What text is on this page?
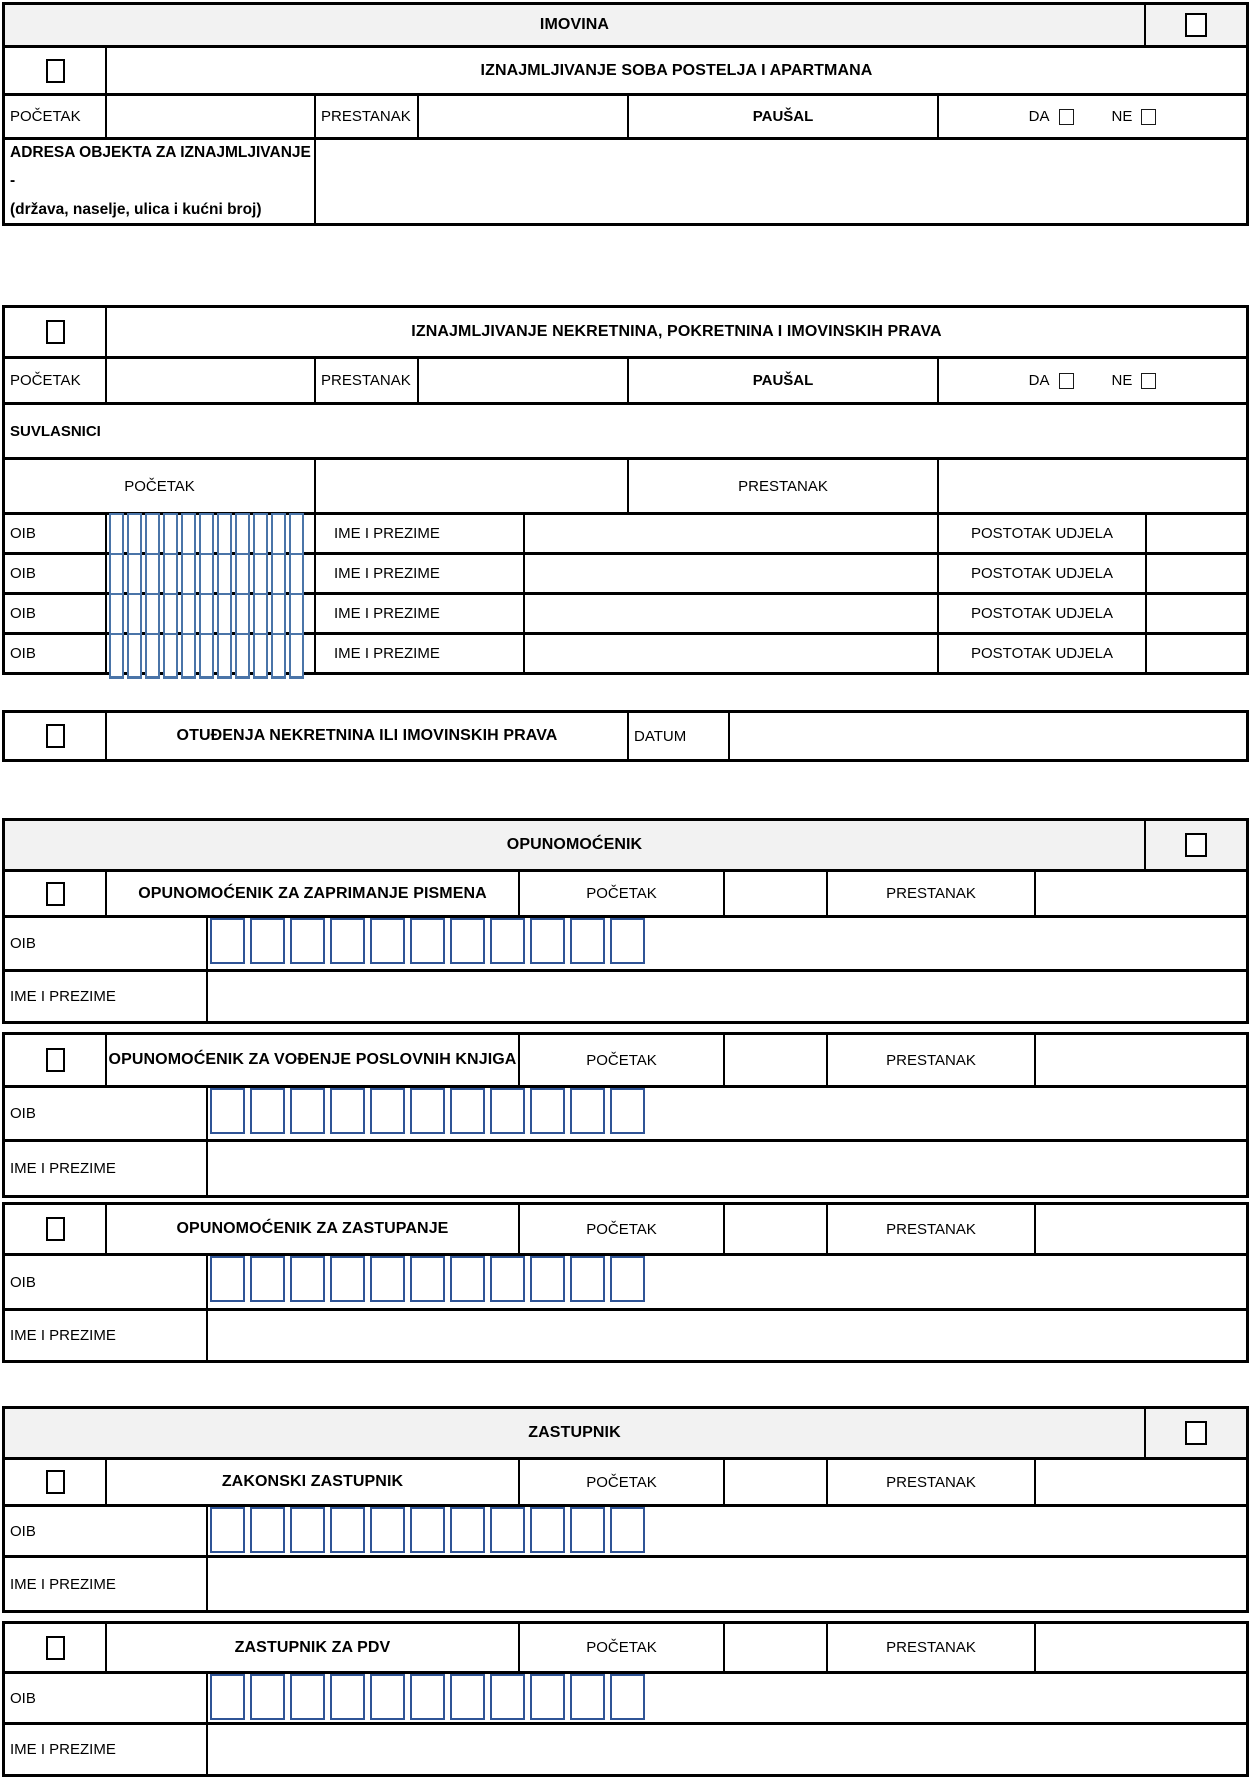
IMOVINA
IZNAJMLJIVANJE SOBA POSTELJA I APARTMANA
POČETAK	PRESTANAK	PAUŠAL	DA	NE
ADRESA OBJEKTA ZA IZNAJMLJIVANJE -
(država, naselje, ulica i kućni broj)
IZNAJMLJIVANJE NEKRETNINA, POKRETNINA I IMOVINSKIH PRAVA
POČETAK	PRESTANAK	PAUŠAL	DA	NE
SUVLASNICI
POČETAK	PRESTANAK
OIB	IME I PREZIME	POSTOTAK UDJELA
OIB	IME I PREZIME	POSTOTAK UDJELA
OIB	IME I PREZIME	POSTOTAK UDJELA
OIB	IME I PREZIME	POSTOTAK UDJELA
OTUĐENJA NEKRETNINA ILI IMOVINSKIH PRAVA	DATUM
OPUNOMOĆENIK
OPUNOMOĆENIK ZA ZAPRIMANJE PISMENA	POČETAK	PRESTANAK
OIB
IME I PREZIME
OPUNOMOĆENIK ZA VOĐENJE POSLOVNIH KNJIGA	POČETAK	PRESTANAK
OIB
IME I PREZIME
OPUNOMOĆENIK ZA ZASTUPANJE	POČETAK	PRESTANAK
OIB
IME I PREZIME
ZASTUPNIK
ZAKONSKI ZASTUPNIK	POČETAK	PRESTANAK
OIB
IME I PREZIME
ZASTUPNIK ZA PDV	POČETAK	PRESTANAK
OIB
IME I PREZIME
